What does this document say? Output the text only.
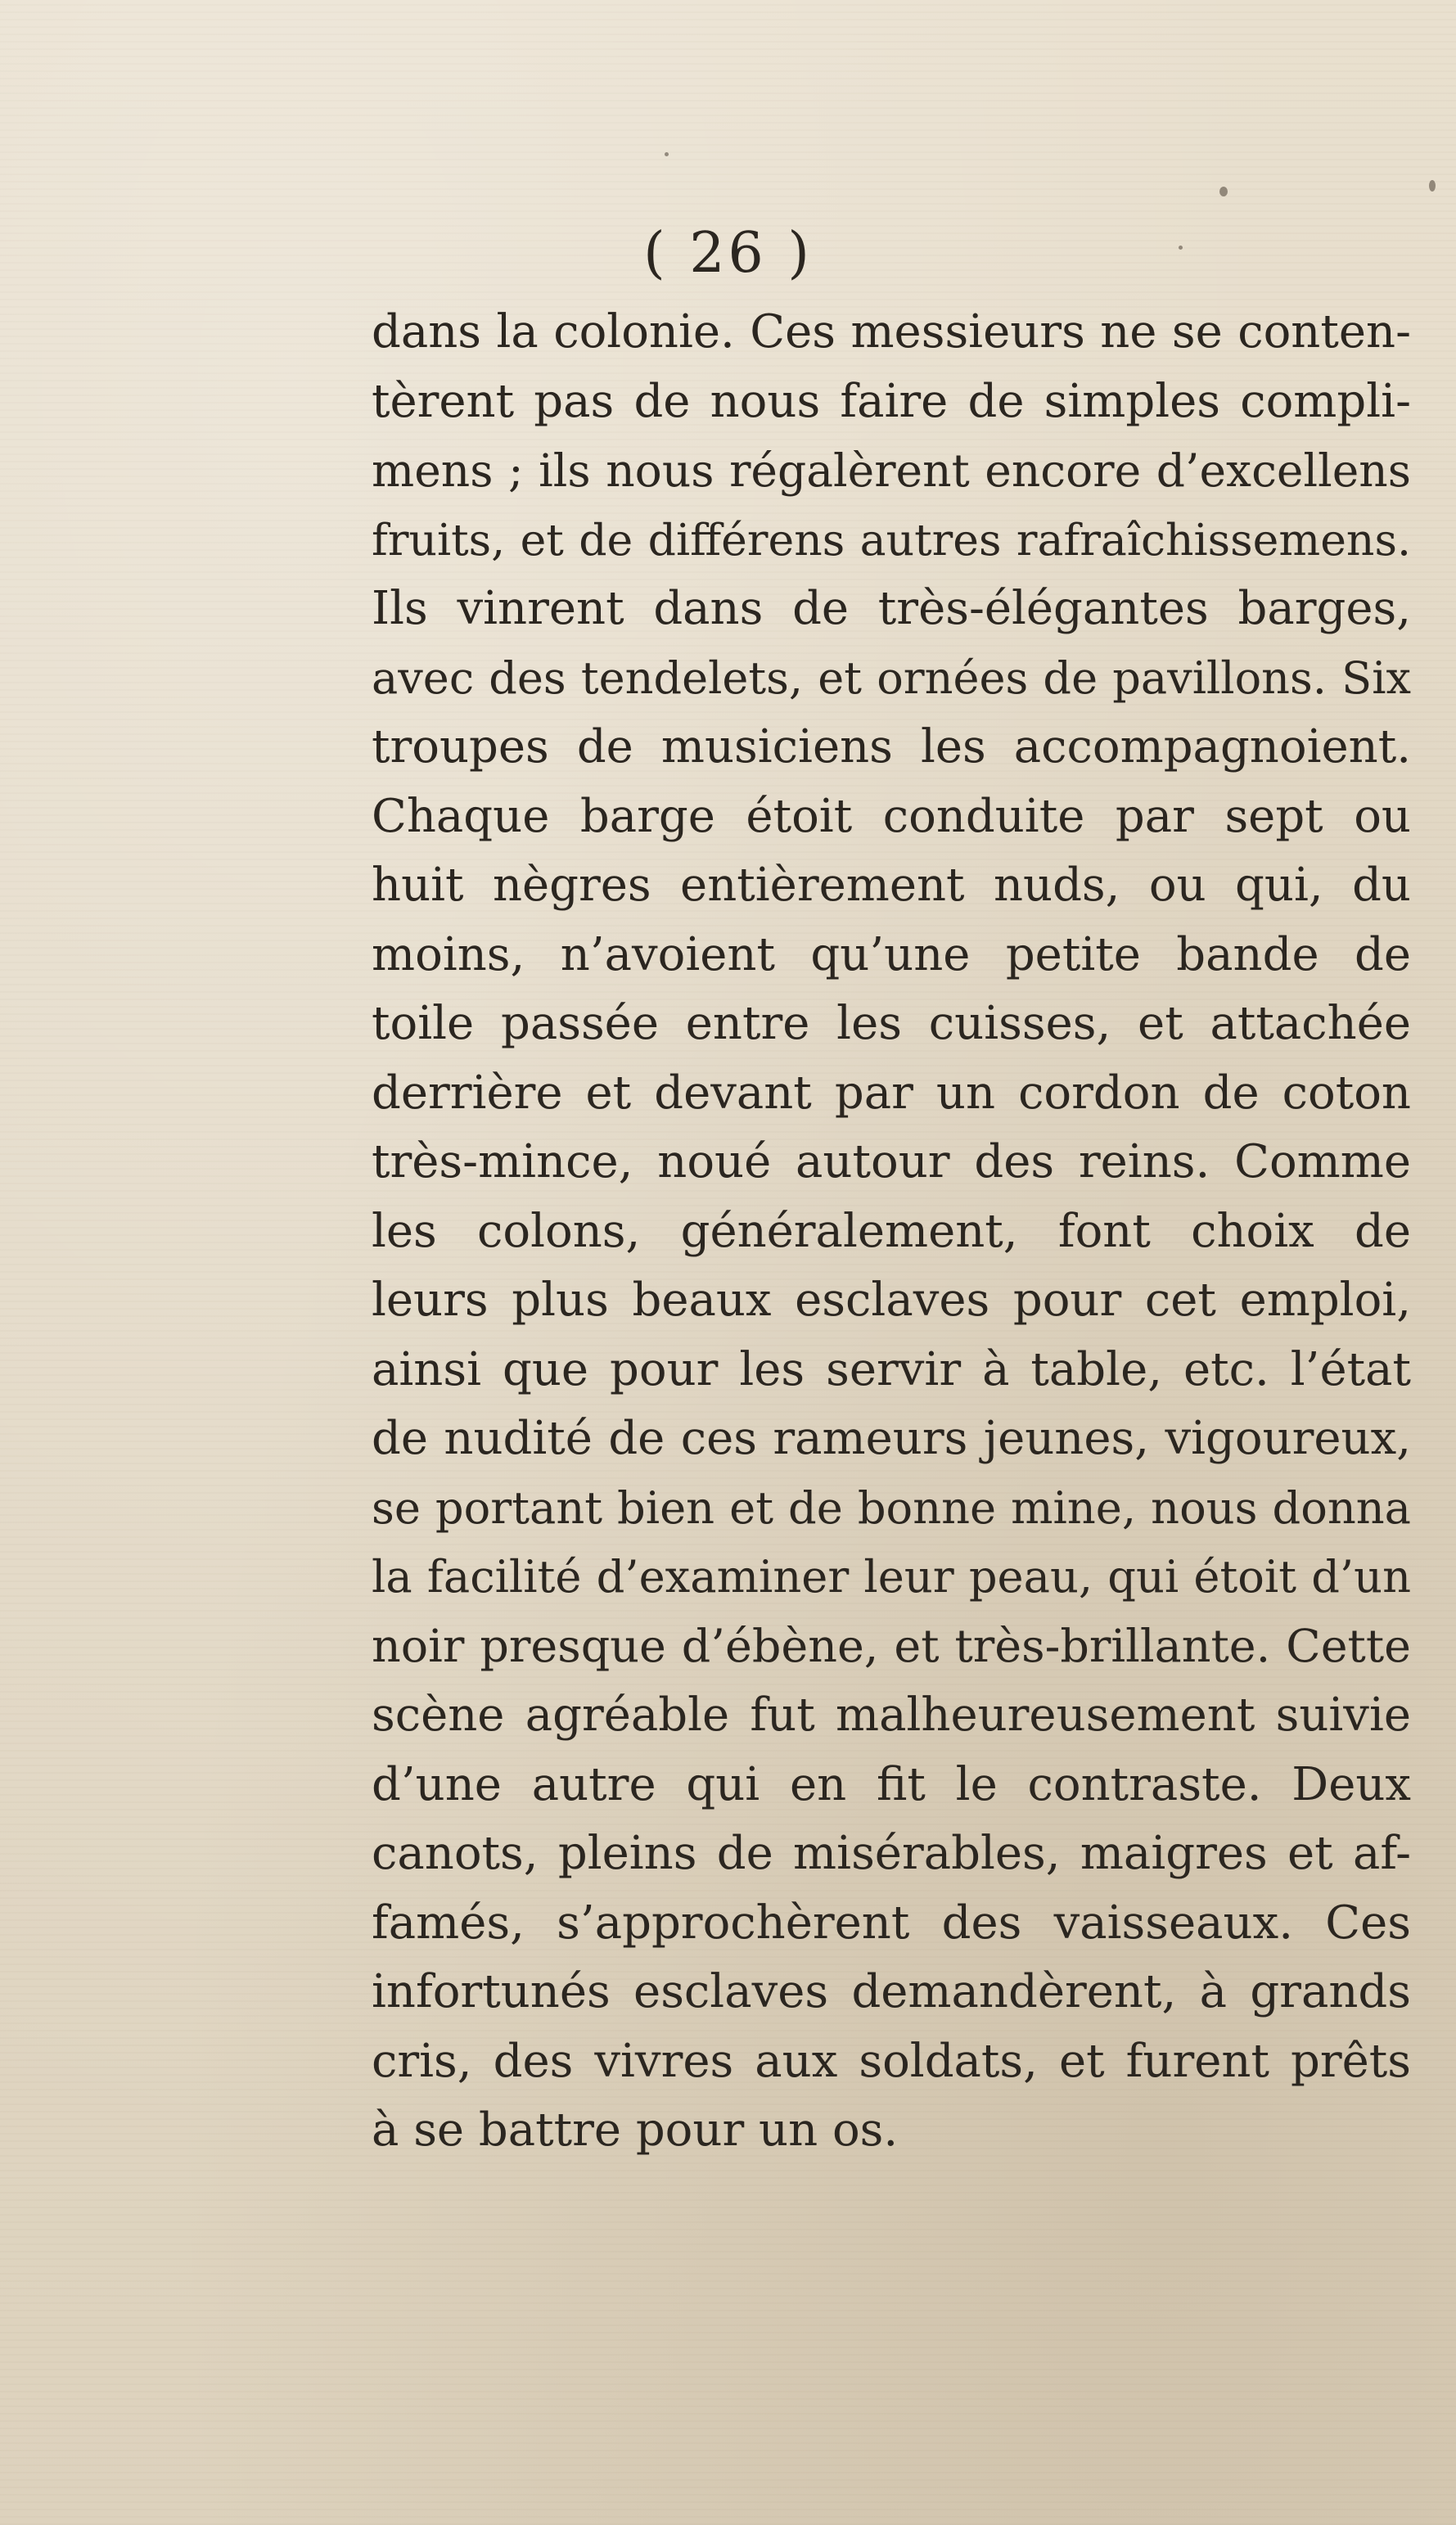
( 26 )
dans la colonie. Ces messieurs ne se conten-
tèrent pas de nous faire de simples compli-
mens ; ils nous régalèrent encore d’excellens
fruits, et de différens autres rafraîchissemens.
Ils vinrent dans de très-élégantes barges,
avec des tendelets, et ornées de pavillons. Six
troupes de musiciens les accompagnoient.
Chaque barge étoit conduite par sept ou
huit nègres entièrement nuds, ou qui, du
moins, n’avoient qu’une petite bande de
toile passée entre les cuisses, et attachée
derrière et devant par un cordon de coton
très-mince, noué autour des reins. Comme
les colons, généralement, font choix de
leurs plus beaux esclaves pour cet emploi,
ainsi que pour les servir à table, etc. l’état
de nudité de ces rameurs jeunes, vigoureux,
se portant bien et de bonne mine, nous donna
la facilité d’examiner leur peau, qui étoit d’un
noir presque d’ébène, et très-brillante. Cette
scène agréable fut malheureusement suivie
d’une autre qui en fit le contraste. Deux
canots, pleins de misérables, maigres et af-
famés, s’approchèrent des vaisseaux. Ces
infortunés esclaves demandèrent, à grands
cris, des vivres aux soldats, et furent prêts
à se battre pour un os.
